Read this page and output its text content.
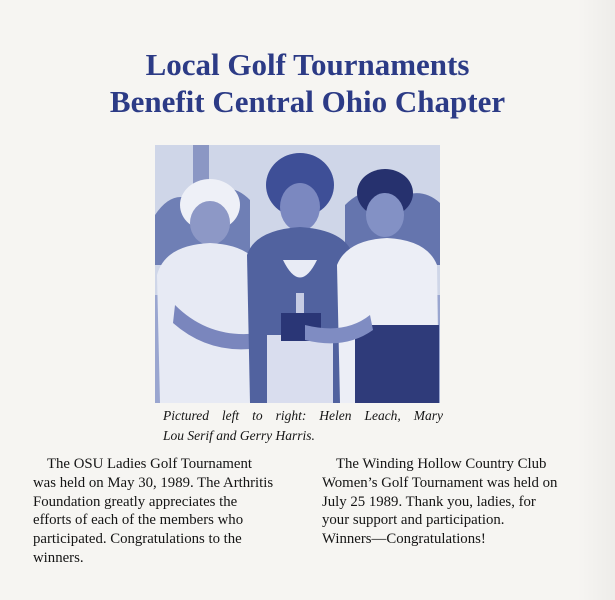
Local Golf Tournaments
Benefit Central Ohio Chapter

Pictured left to right: Helen Leach, Mary
Lou Serif and Gerry Harris.

The OSU Ladies Golf Tournament
was held on May 30, 1989. The Arthritis
Foundation greatly appreciates the
efforts of each of the members who
participated. Congratulations to the
winners.

The Winding Hollow Country Club
Women’s Golf Tournament was held on
July 25 1989. Thank you, ladies, for
your support and participation.
Winners—Congratulations!
